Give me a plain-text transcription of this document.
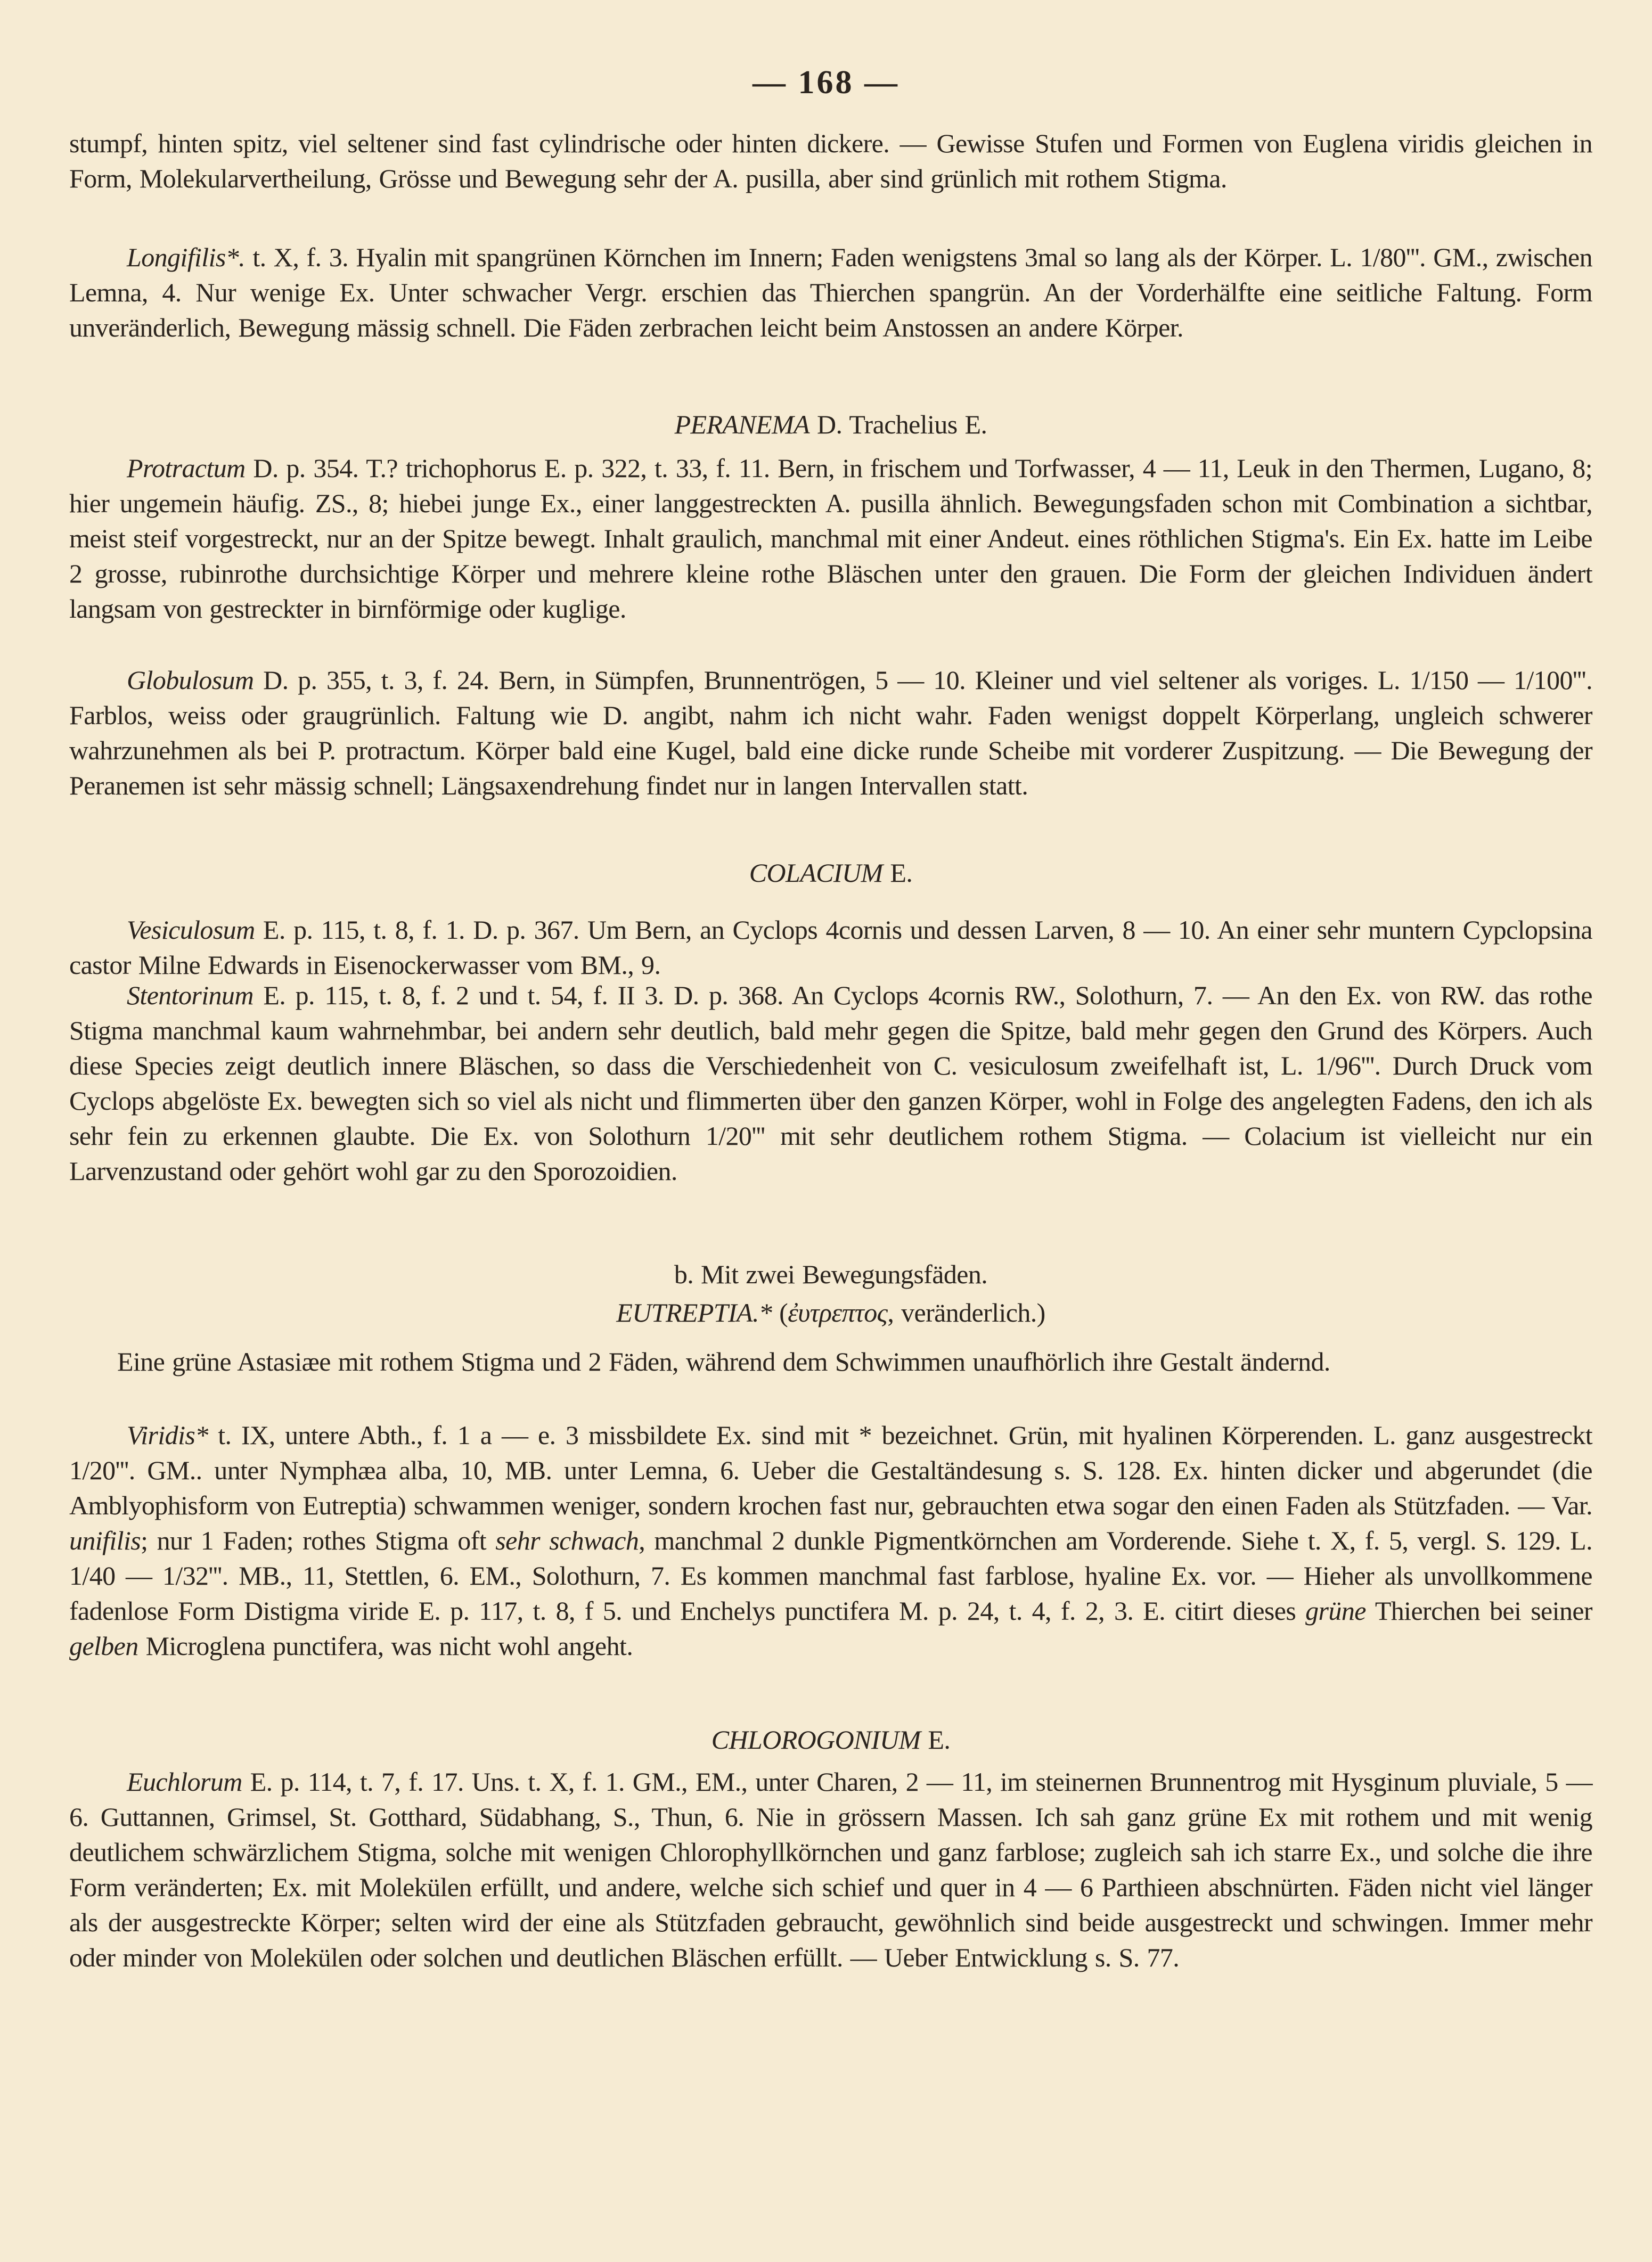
— 168 —

stumpf, hinten spitz, viel seltener sind fast cylindrische oder hinten dickere. — Gewisse Stufen und Formen von Euglena viridis gleichen in Form, Molekularvertheilung, Grösse und Bewegung sehr der A. pusilla, aber sind grünlich mit rothem Stigma.

Longifilis*. t. X, f. 3. Hyalin mit spangrünen Körnchen im Innern; Faden wenigstens 3mal so lang als der Körper. L. 1/80'''. GM., zwischen Lemna, 4. Nur wenige Ex. Unter schwacher Vergr. erschien das Thierchen spangrün. An der Vorderhälfte eine seitliche Faltung. Form unveränderlich, Bewegung mässig schnell. Die Fäden zerbrachen leicht beim Anstossen an andere Körper.

PERANEMA D. Trachelius E.

Protractum D. p. 354. T.? trichophorus E. p. 322, t. 33, f. 11. Bern, in frischem und Torfwasser, 4 — 11, Leuk in den Thermen, Lugano, 8; hier ungemein häufig. ZS., 8; hiebei junge Ex., einer langgestreckten A. pusilla ähnlich. Bewegungsfaden schon mit Combination a sichtbar, meist steif vorgestreckt, nur an der Spitze bewegt. Inhalt graulich, manchmal mit einer Andeut. eines röthlichen Stigma's. Ein Ex. hatte im Leibe 2 grosse, rubinrothe durchsichtige Körper und mehrere kleine rothe Bläschen unter den grauen. Die Form der gleichen Individuen ändert langsam von gestreckter in birnförmige oder kuglige.

Globulosum D. p. 355, t. 3, f. 24. Bern, in Sümpfen, Brunnentrögen, 5 — 10. Kleiner und viel seltener als voriges. L. 1/150 — 1/100'''. Farblos, weiss oder graugrünlich. Faltung wie D. angibt, nahm ich nicht wahr. Faden wenigst doppelt Körperlang, ungleich schwerer wahrzunehmen als bei P. protractum. Körper bald eine Kugel, bald eine dicke runde Scheibe mit vorderer Zuspitzung. — Die Bewegung der Peranemen ist sehr mässig schnell; Längsaxendrehung findet nur in langen Intervallen statt.

COLACIUM E.

Vesiculosum E. p. 115, t. 8, f. 1. D. p. 367. Um Bern, an Cyclops 4cornis und dessen Larven, 8 — 10. An einer sehr muntern Cypclopsina castor Milne Edwards in Eisenockerwasser vom BM., 9.

Stentorinum E. p. 115, t. 8, f. 2 und t. 54, f. II 3. D. p. 368. An Cyclops 4cornis RW., Solothurn, 7. — An den Ex. von RW. das rothe Stigma manchmal kaum wahrnehmbar, bei andern sehr deutlich, bald mehr gegen die Spitze, bald mehr gegen den Grund des Körpers. Auch diese Species zeigt deutlich innere Bläschen, so dass die Verschiedenheit von C. vesiculosum zweifelhaft ist, L. 1/96'''. Durch Druck vom Cyclops abgelöste Ex. bewegten sich so viel als nicht und flimmerten über den ganzen Körper, wohl in Folge des angelegten Fadens, den ich als sehr fein zu erkennen glaubte. Die Ex. von Solothurn 1/20''' mit sehr deutlichem rothem Stigma. — Colacium ist vielleicht nur ein Larvenzustand oder gehört wohl gar zu den Sporozoidien.

b. Mit zwei Bewegungsfäden.

EUTREPTIA.* (ἐυτρεπτος, veränderlich.)

Eine grüne Astasiæe mit rothem Stigma und 2 Fäden, während dem Schwimmen unaufhörlich ihre Gestalt ändernd.

Viridis* t. IX, untere Abth., f. 1 a — e. 3 missbildete Ex. sind mit * bezeichnet. Grün, mit hyalinen Körperenden. L. ganz ausgestreckt 1/20'''. GM.. unter Nymphæa alba, 10, MB. unter Lemna, 6. Ueber die Gestaltändesung s. S. 128. Ex. hinten dicker und abgerundet (die Amblyophisform von Eutreptia) schwammen weniger, sondern krochen fast nur, gebrauchten etwa sogar den einen Faden als Stützfaden. — Var. unifilis; nur 1 Faden; rothes Stigma oft sehr schwach, manchmal 2 dunkle Pigmentkörnchen am Vorderende. Siehe t. X, f. 5, vergl. S. 129. L. 1/40 — 1/32'''. MB., 11, Stettlen, 6. EM., Solothurn, 7. Es kommen manchmal fast farblose, hyaline Ex. vor. — Hieher als unvollkommene fadenlose Form Distigma viride E. p. 117, t. 8, f 5. und Enchelys punctifera M. p. 24, t. 4, f. 2, 3. E. citirt dieses grüne Thierchen bei seiner gelben Microglena punctifera, was nicht wohl angeht.

CHLOROGONIUM E.

Euchlorum E. p. 114, t. 7, f. 17. Uns. t. X, f. 1. GM., EM., unter Charen, 2 — 11, im steinernen Brunnentrog mit Hysginum pluviale, 5 — 6. Guttannen, Grimsel, St. Gotthard, Südabhang, S., Thun, 6. Nie in grössern Massen. Ich sah ganz grüne Ex mit rothem und mit wenig deutlichem schwärzlichem Stigma, solche mit wenigen Chlorophyllkörnchen und ganz farblose; zugleich sah ich starre Ex., und solche die ihre Form veränderten; Ex. mit Molekülen erfüllt, und andere, welche sich schief und quer in 4 — 6 Parthieen abschnürten. Fäden nicht viel länger als der ausgestreckte Körper; selten wird der eine als Stützfaden gebraucht, gewöhnlich sind beide ausgestreckt und schwingen. Immer mehr oder minder von Molekülen oder solchen und deutlichen Bläschen erfüllt. — Ueber Entwicklung s. S. 77.
